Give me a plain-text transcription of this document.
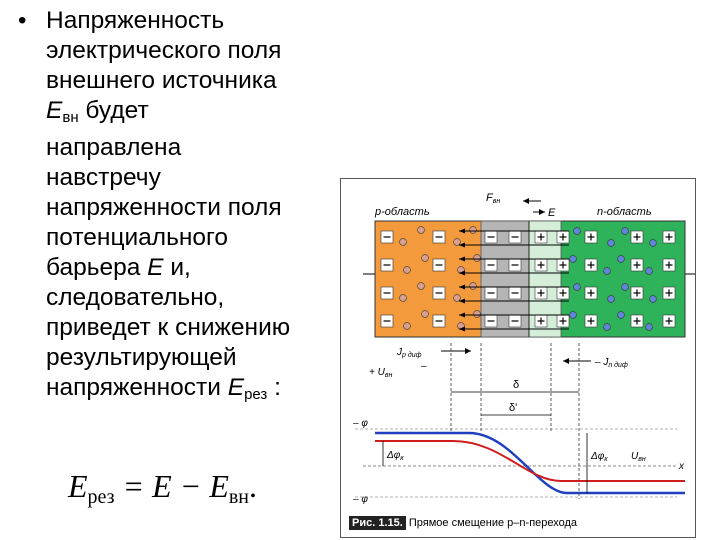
• Напряженность
электрического поля
внешнего источника
$E_{вн}$ будет
направлена
навстречу
напряженности поля
потенциального
барьера E и,
следовательно,
приведет к снижению
результирующей
напряженности $E_{рез}$ :
Eрез = E − Eвн.
p-область	n-область
Fвн
E
$J_{p диф}$
– $J_{n диф}$
+ $U_{вн}$
–
δ
δ'
x
– φ
– φ
$\Delta\varphi_к$	$\Delta\varphi_к$ $U_{вн}$
Рис. 1.15. Прямое смещение p–n-перехода
